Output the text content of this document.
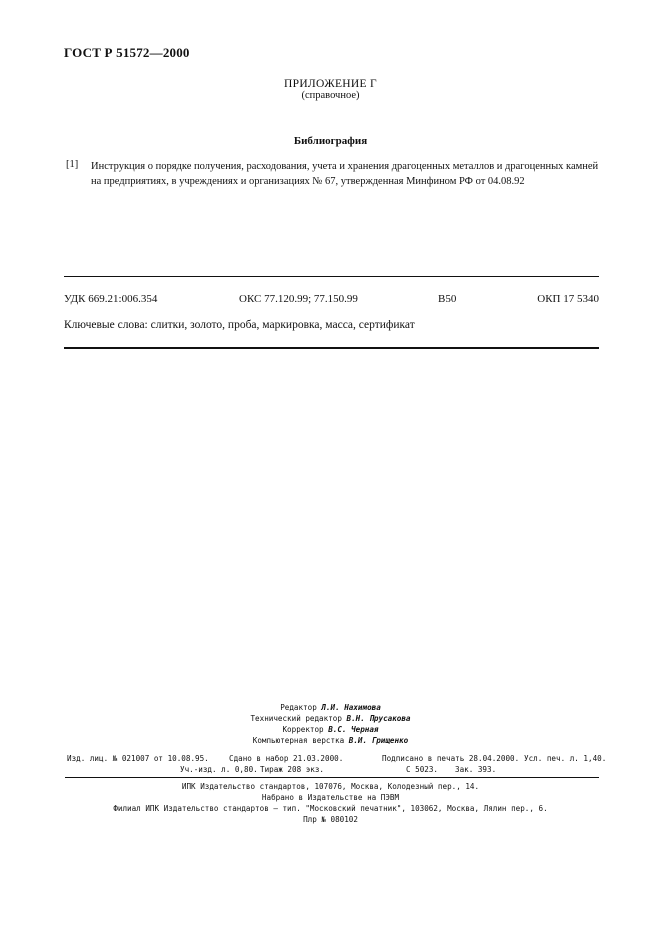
ГОСТ Р 51572—2000
ПРИЛОЖЕНИЕ Г
(справочное)
Библиография
[1] Инструкция о порядке получения, расходования, учета и хранения драгоценных металлов и драгоценных камней на предприятиях, в учреждениях и организациях № 67, утвержденная Минфином РФ от 04.08.92
УДК 669.21:006.354	ОКС 77.120.99; 77.150.99	В50	ОКП 17 5340
Ключевые слова: слитки, золото, проба, маркировка, масса, сертификат
Редактор Л.И. Нахимова
Технический редактор В.Н. Прусакова
Корректор В.С. Черная
Компьютерная верстка В.И. Грищенко
Изд. лиц. № 021007 от 10.08.95.	Сдано в набор 21.03.2000.	Подписано в печать 28.04.2000. Усл. печ. л. 1,40.
Уч.-изд. л. 0,80. Тираж 208 экз.	С 5023. Зак. 393.
ИПК Издательство стандартов, 107076, Москва, Колодезный пер., 14.
Набрано в Издательстве на ПЭВМ
Филиал ИПК Издательство стандартов — тип. "Московский печатник", 103062, Москва, Лялин пер., 6.
Плр № 080102
